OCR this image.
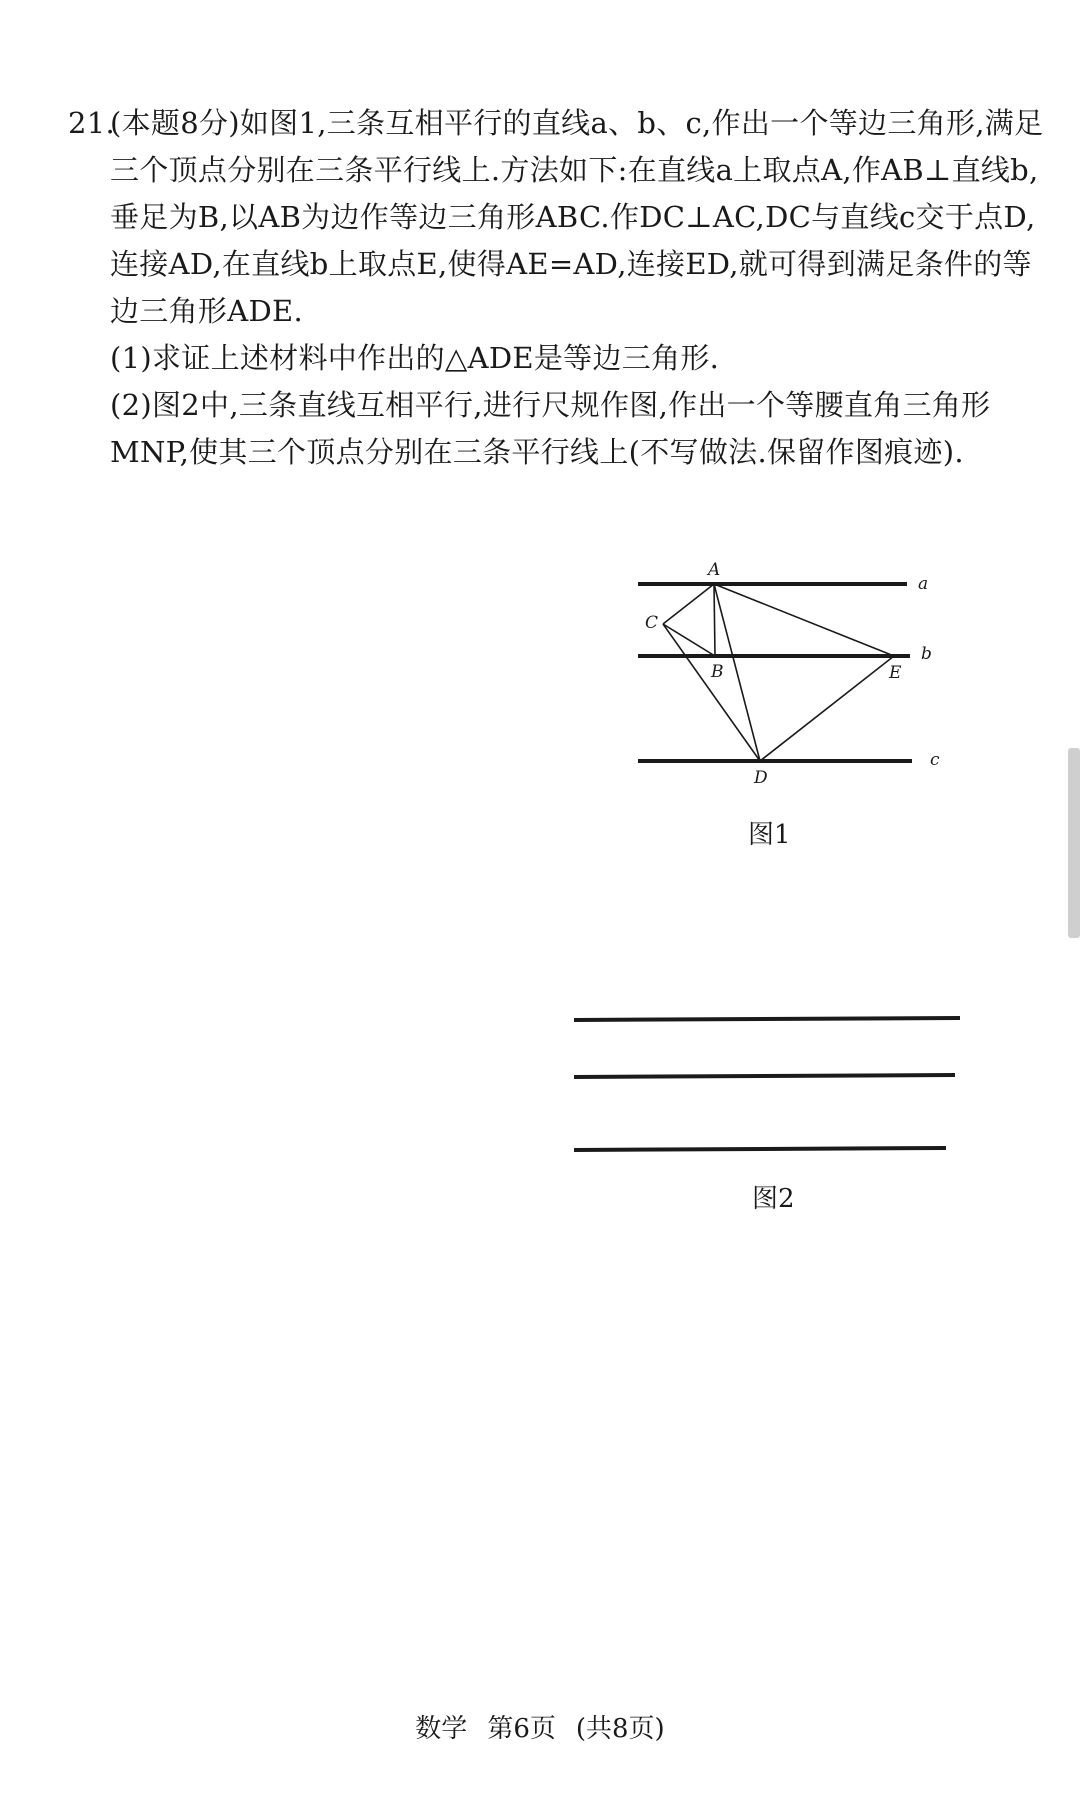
21.(本题8分)如图1,三条互相平行的直线a、b、c,作出一个等边三角形,满足
三个顶点分别在三条平行线上.方法如下:在直线a上取点A,作AB⊥直线b,
垂足为B,以AB为边作等边三角形ABC.作DC⊥AC,DC与直线c交于点D,
连接AD,在直线b上取点E,使得AE=AD,连接ED,就可得到满足条件的等
边三角形ADE.
(1)求证上述材料中作出的△ADE是等边三角形.
(2)图2中,三条直线互相平行,进行尺规作图,作出一个等腰直角三角形
MNP,使其三个顶点分别在三条平行线上(不写做法.保留作图痕迹).
A
B
C
D
E
a
b
c
图1
图2
数学 第6页 (共8页)
